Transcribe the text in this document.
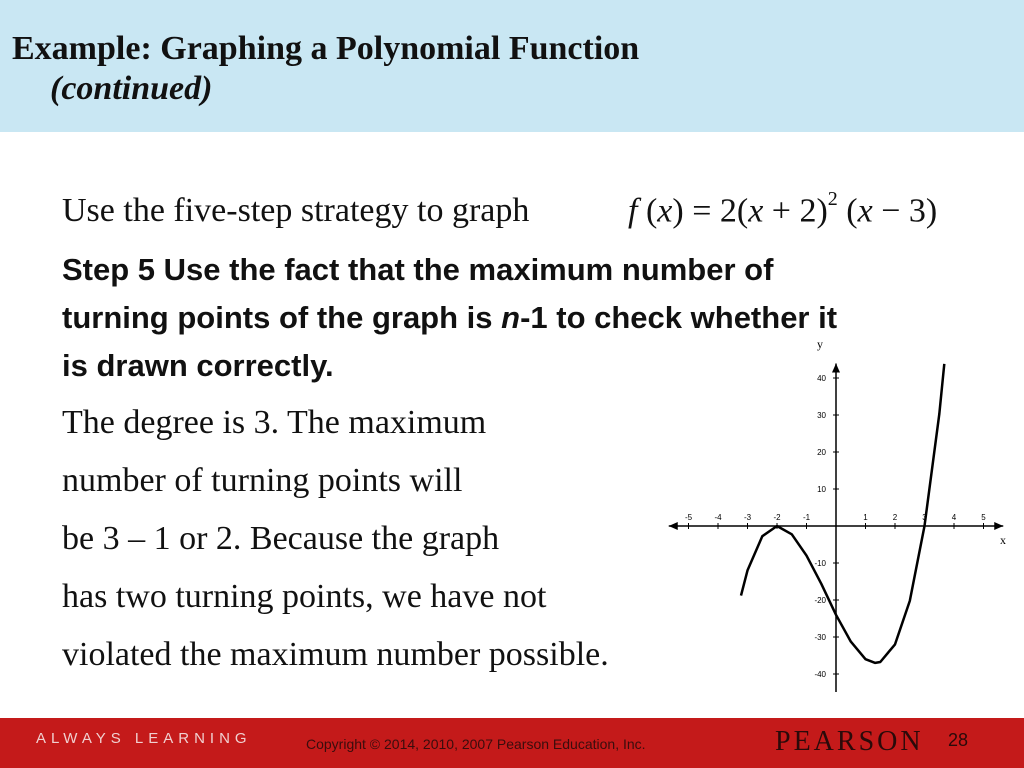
Example: Graphing a Polynomial Function
(continued)
Use the five-step strategy to graph	f $(x) = 2(x + 2)^2$ (x − 3)
Step 5 Use the fact that the maximum number of
turning points of the graph is n-1 to check whether it
is drawn correctly.
The degree is 3. The maximum
number of turning points will
be 3 – 1 or 2. Because the graph
has two turning points, we have not
violated the maximum number possible.
-5	-4	-3	-2	-1	1	2	3	4	5
40
30
20
10
-10
-20
-30
-40
x
y
ALWAYS LEARNING	Copyright © 2014, 2010, 2007 Pearson Education, Inc.	PEARSON 28
